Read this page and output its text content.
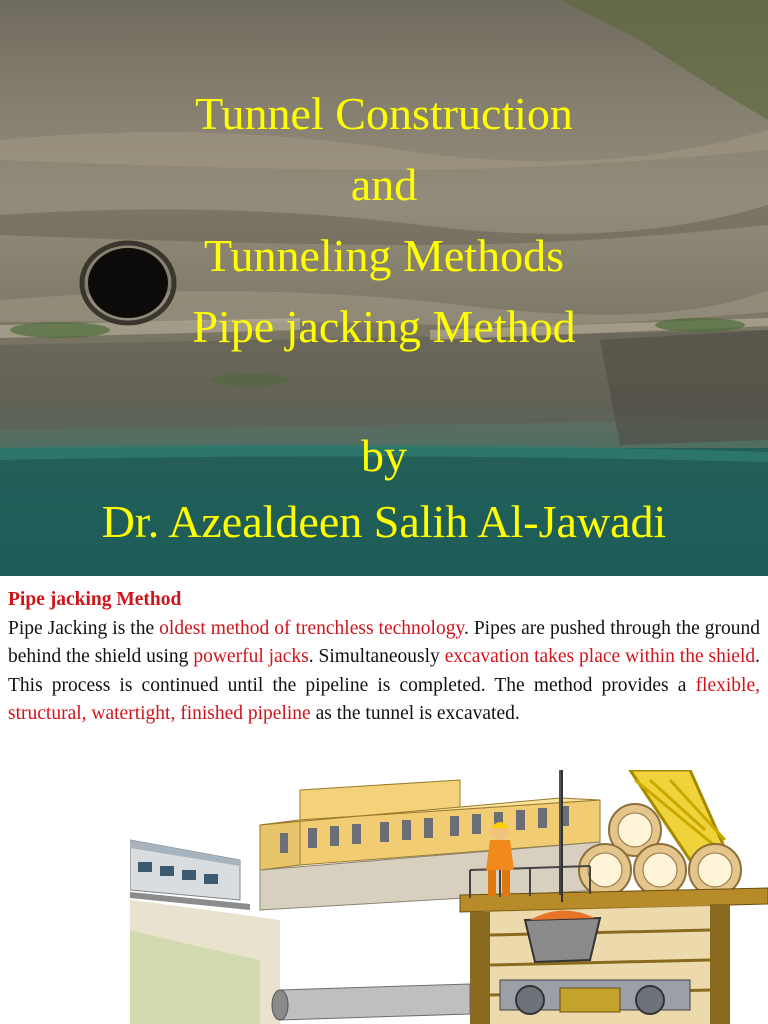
Tunnel Construction
and
Tunneling Methods
Pipe jacking Method
by
Dr. Azealdeen Salih Al-Jawadi
Pipe jacking Method

Pipe Jacking is the oldest method of trenchless technology. Pipes are pushed through the ground behind the shield using powerful jacks. Simultaneously excavation takes place within the shield. This process is continued until the pipeline is completed. The method provides a flexible, structural, watertight, finished pipeline as the tunnel is excavated.
